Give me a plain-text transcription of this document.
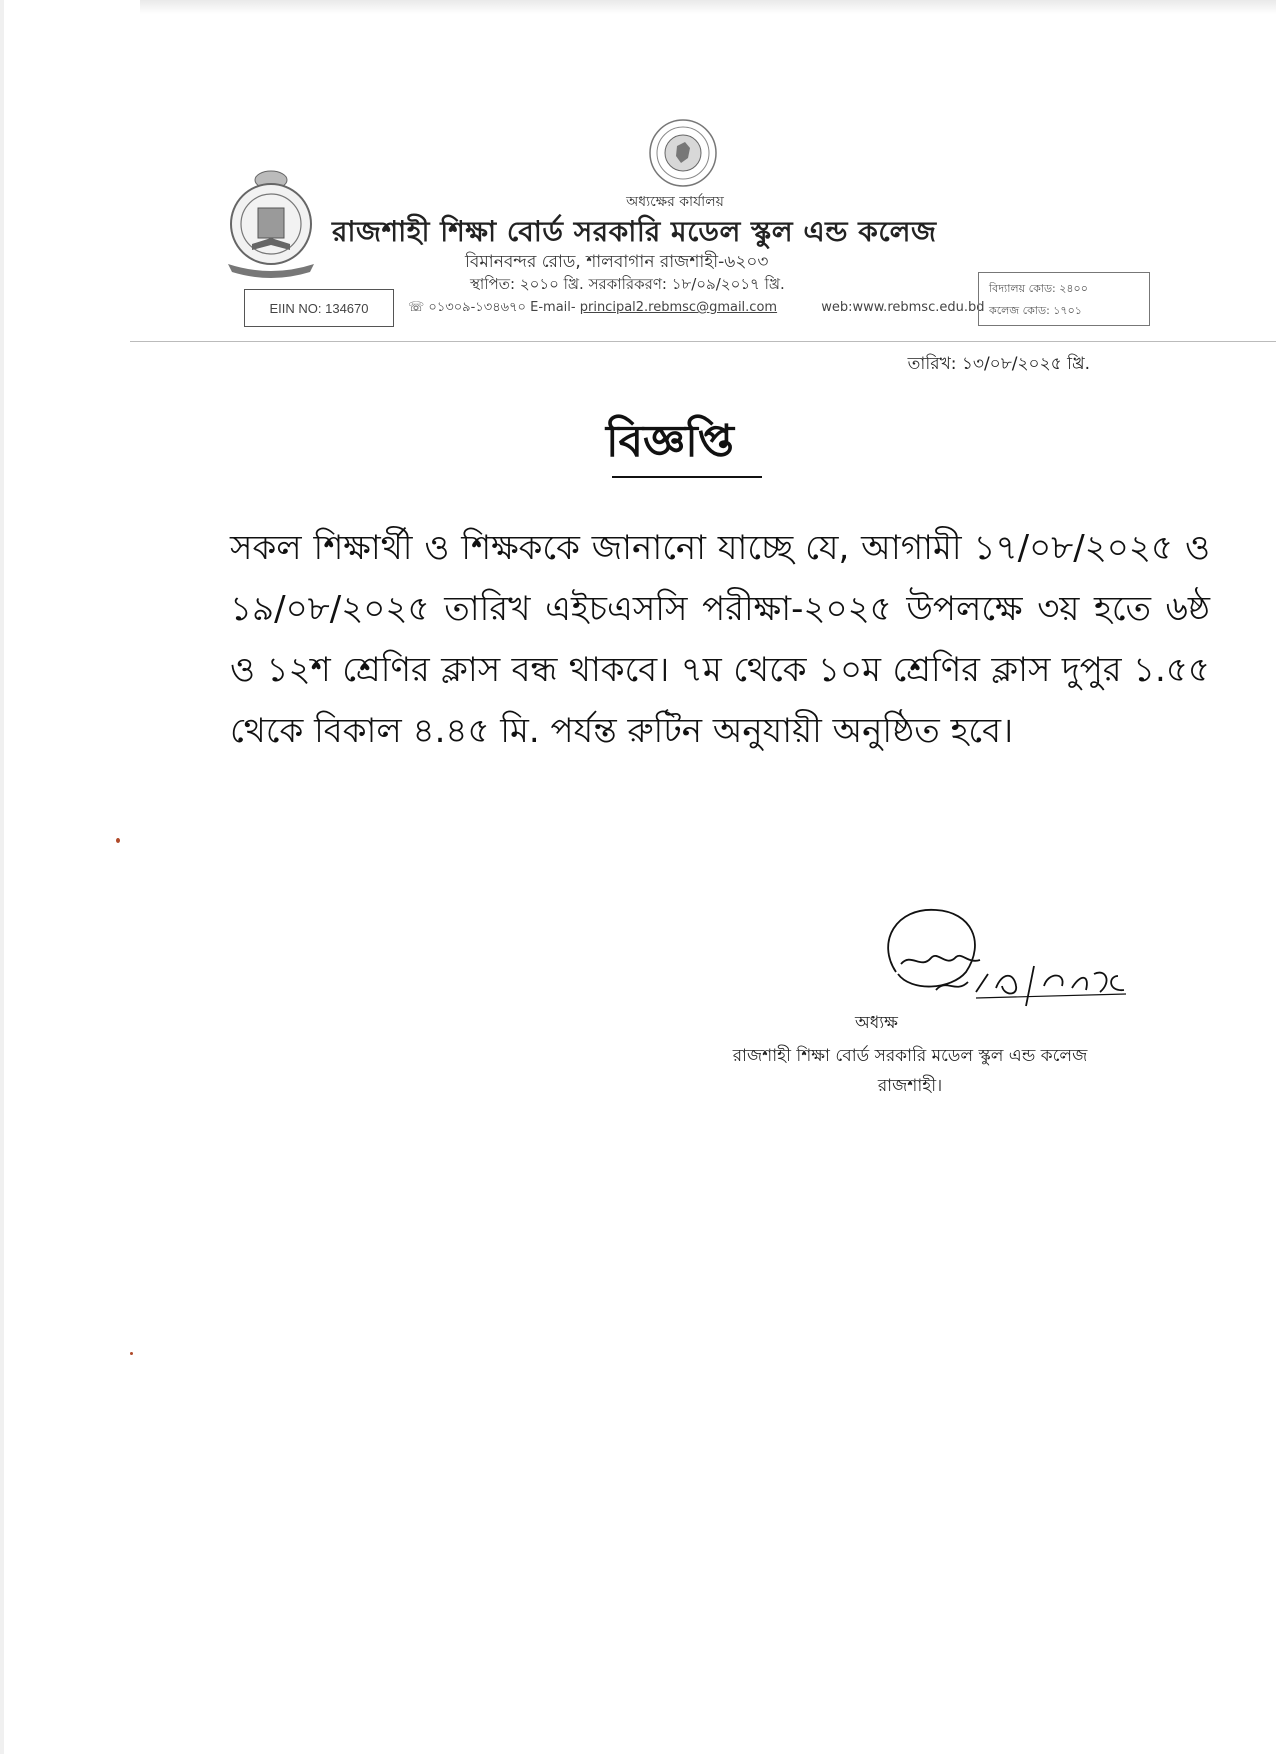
অধ্যক্ষের কার্যালয়
রাজশাহী শিক্ষা বোর্ড সরকারি মডেল স্কুল এন্ড কলেজ
বিমানবন্দর রোড, শালবাগান রাজশাহী-৬২০৩
স্থাপিত: ২০১০ খ্রি. সরকারিকরণ: ১৮/০৯/২০১৭ খ্রি.
EIIN NO: 134670	☏ ০১৩০৯-১৩৪৬৭০ E-mail- principal2.rebmsc@gmail.com	web:www.rebmsc.edu.bd
বিদ্যালয় কোড: ২৪০০
কলেজ কোড: ১৭০১
তারিখ: ১৩/০৮/২০২৫ খ্রি.
বিজ্ঞপ্তি
সকল শিক্ষার্থী ও শিক্ষককে জানানো যাচ্ছে যে, আগামী ১৭/০৮/২০২৫ ও ১৯/০৮/২০২৫ তারিখ এইচএসসি পরীক্ষা-২০২৫ উপলক্ষে ৩য় হতে ৬ষ্ঠ ও ১২শ শ্রেণির ক্লাস বন্ধ থাকবে। ৭ম থেকে ১০ম শ্রেণির ক্লাস দুপুর ১.৫৫ থেকে বিকাল ৪.৪৫ মি. পর্যন্ত রুটিন অনুযায়ী অনুষ্ঠিত হবে।
অধ্যক্ষ
রাজশাহী শিক্ষা বোর্ড সরকারি মডেল স্কুল এন্ড কলেজ
রাজশাহী।
